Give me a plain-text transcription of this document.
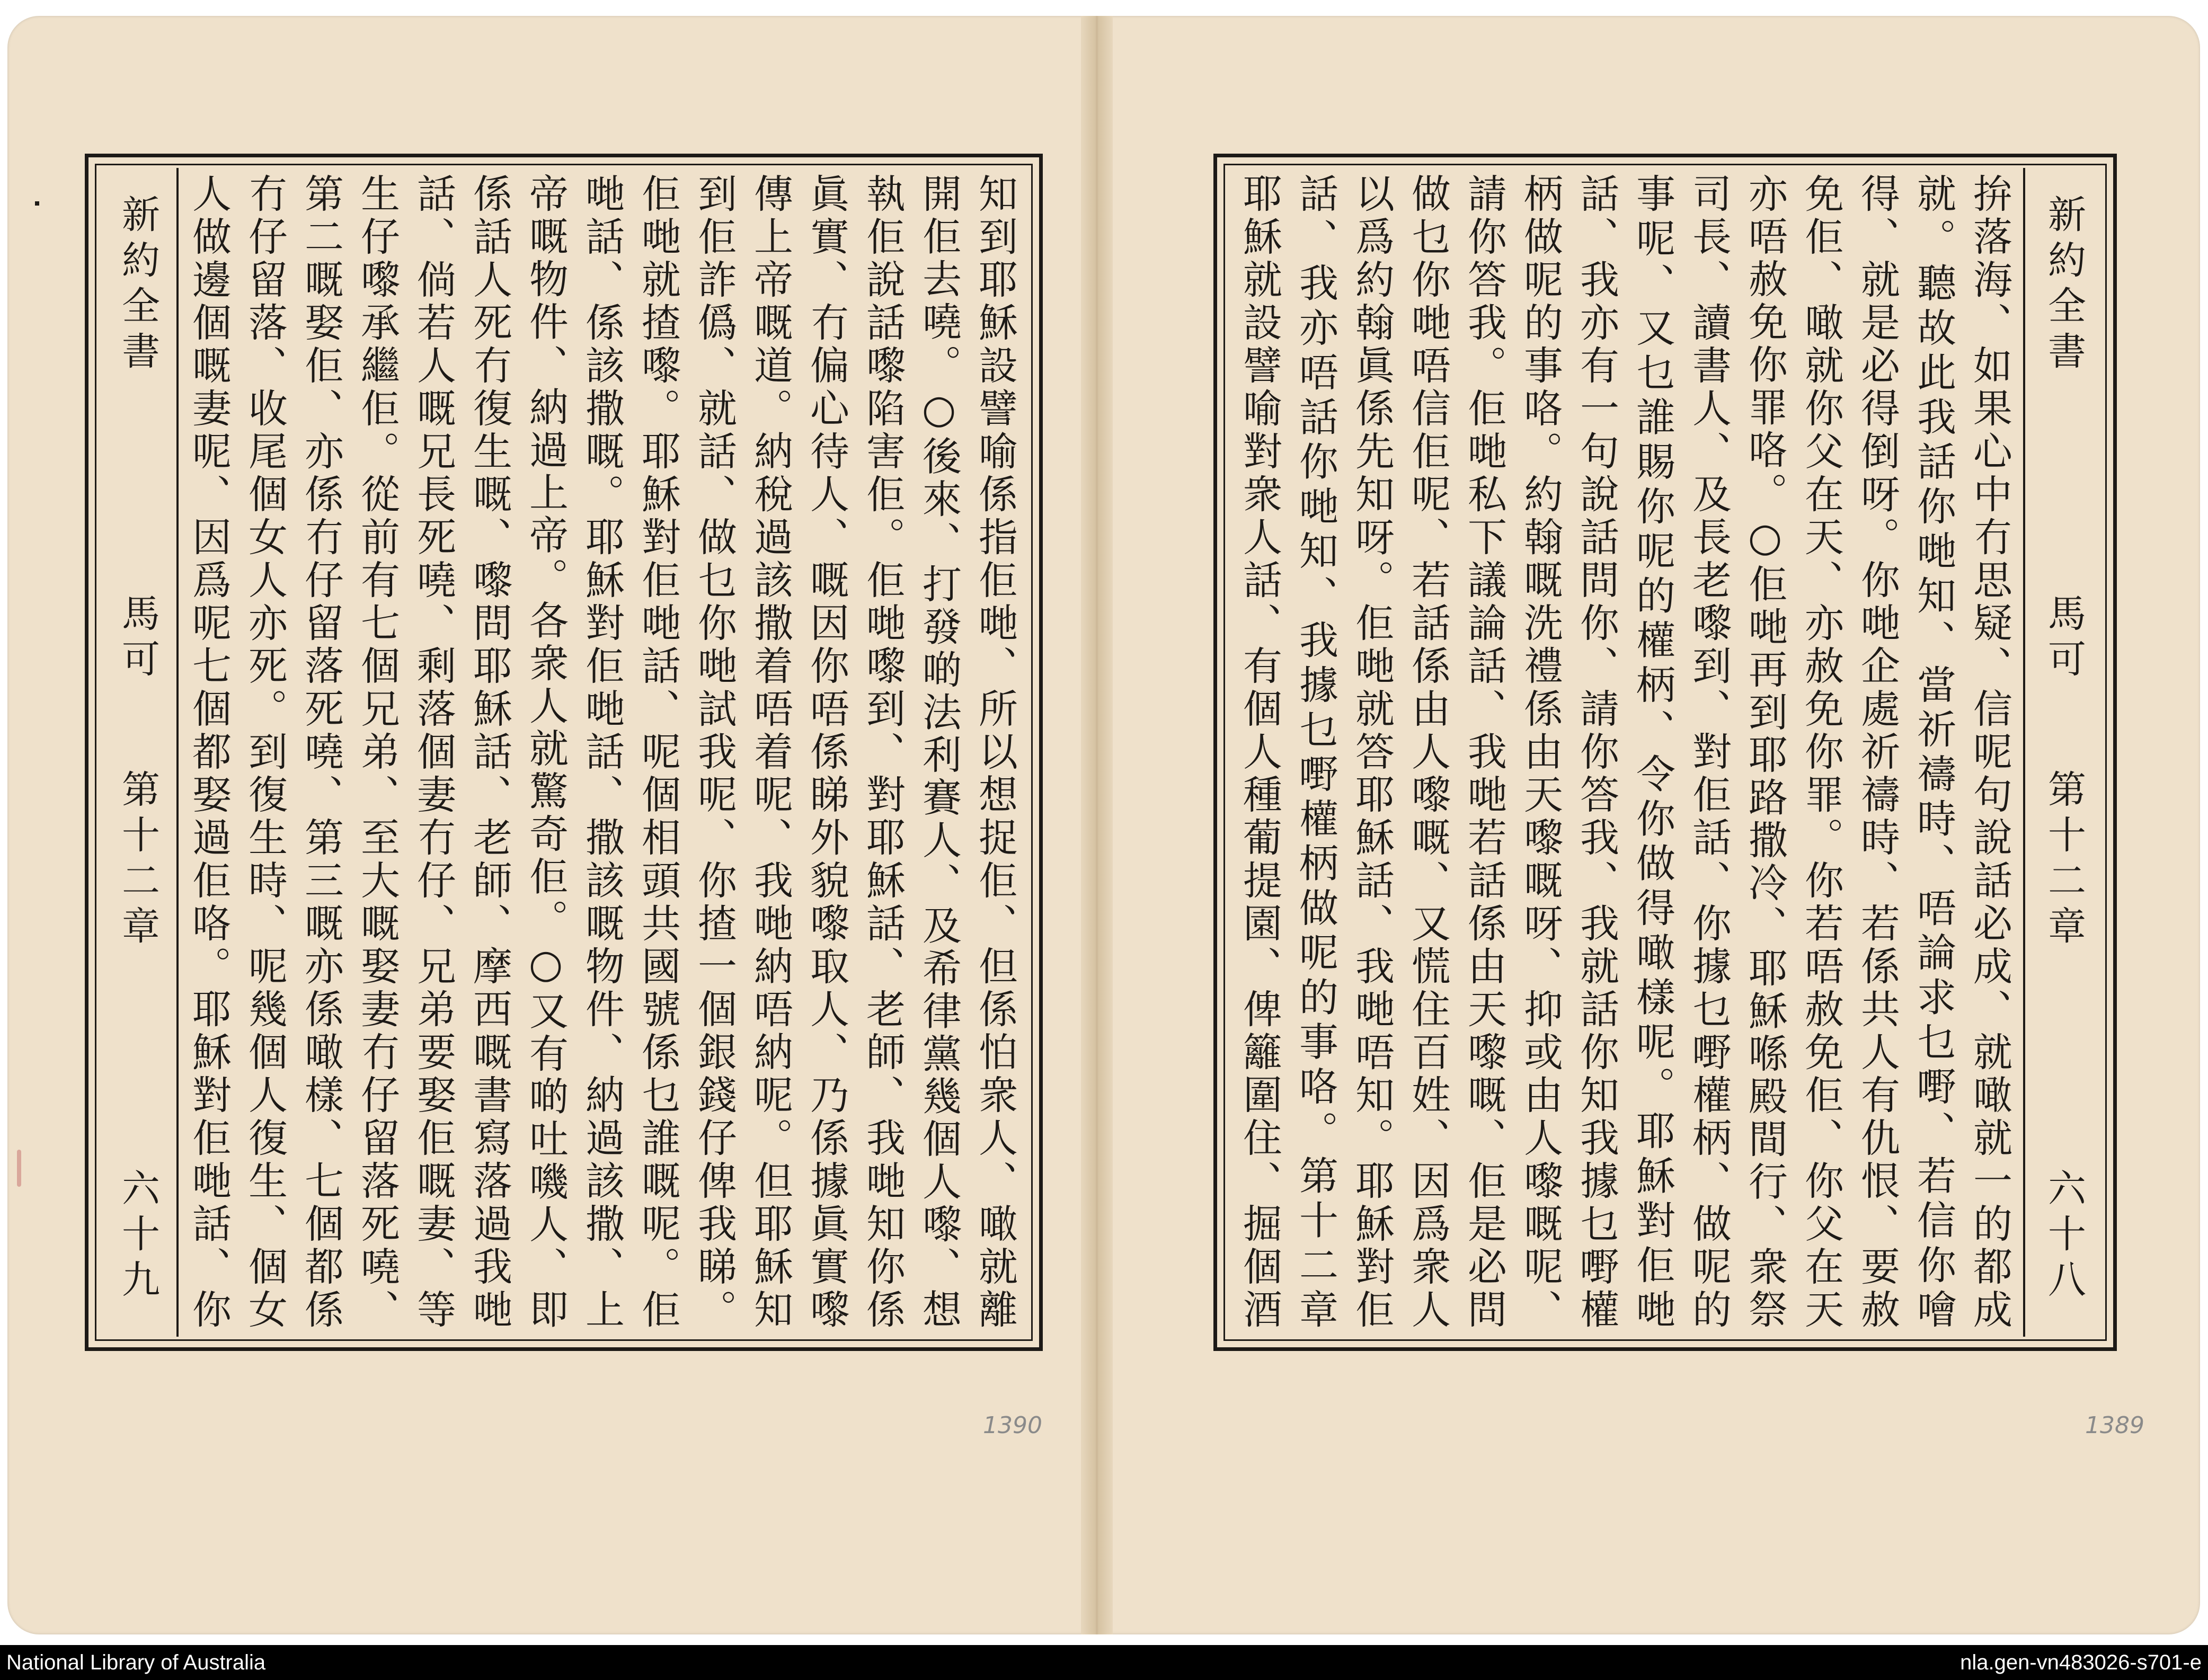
新約全書
馬可
第十二章
六十九

知到耶穌設譬喻係指佢哋、所以想捉佢、但係怕衆人、噉就離開佢去嘵。○後來、打發啲法利賽人、及希律黨幾個人嚟、想執佢說話嚟陷害佢。佢哋嚟到、對耶穌話、老師、我哋知你係眞實、冇偏心待人、嘅因你唔係睇外貌嚟取人、乃係據眞實嚟傳上帝嘅道。納稅過該撒着唔着呢、我哋納唔納呢。但耶穌知到佢詐僞、就話、做乜你哋試我呢、你揸一個銀錢仔俾我睇。佢哋就揸嚟。耶穌對佢哋話、呢個相頭共國號係乜誰嘅呢。佢哋話、係該撒嘅。耶穌對佢哋話、撒該嘅物件、納過該撒、上帝嘅物件、納過上帝。各衆人就驚奇佢。○又有啲吐嘰人、即係話人死冇復生嘅、嚟問耶穌話、老師、摩西嘅書寫落過我哋話、倘若人嘅兄長死嘵、剩落個妻冇仔、兄弟要娶佢嘅妻、等生仔嚟承繼佢。從前有七個兄弟、至大嘅娶妻冇仔留落死嘵、第二嘅娶佢、亦係冇仔留落死嘵、第三嘅亦係噉樣、七個都係冇仔留落、收尾個女人亦死。到復生時、呢幾個人復生、個女人做邊個嘅妻呢、因爲呢七個都娶過佢咯。耶穌對佢哋話、你

新約全書
馬可
第十二章
六十八

拚落海、如果心中冇思疑、信呢句說話必成、就噉就一的都成就。聽故此我話你哋知、當祈禱時、唔論求乜嘢、若信你噲得、就是必得倒呀。你哋企處祈禱時、若係共人有仇恨、要赦免佢、噉就你父在天、亦赦免你罪。你若唔赦免佢、你父在天亦唔赦免你罪咯。○佢哋再到耶路撒冷、耶穌喺殿間行、衆祭司長、讀書人、及長老嚟到、對佢話、你據乜嘢權柄、做呢的事呢、又乜誰賜你呢的權柄、令你做得噉樣呢。耶穌對佢哋話、我亦有一句說話問你、請你答我、我就話你知我據乜嘢權柄做呢的事咯。約翰嘅洗禮係由天嚟嘅呀、抑或由人嚟嘅呢、請你答我。佢哋私下議論話、我哋若話係由天嚟嘅、佢是必問做乜你哋唔信佢呢、若話係由人嚟嘅、又慌住百姓、因爲衆人以爲約翰眞係先知呀。佢哋就答耶穌話、我哋唔知。耶穌對佢話、我亦唔話你哋知、我據乜嘢權柄做呢的事咯。第十二章 耶穌就設譬喻對衆人話、有個人種葡提園、俾籬圍住、掘個酒

1390	1389
National Library of Australia	nla.gen-vn483026-s701-e
